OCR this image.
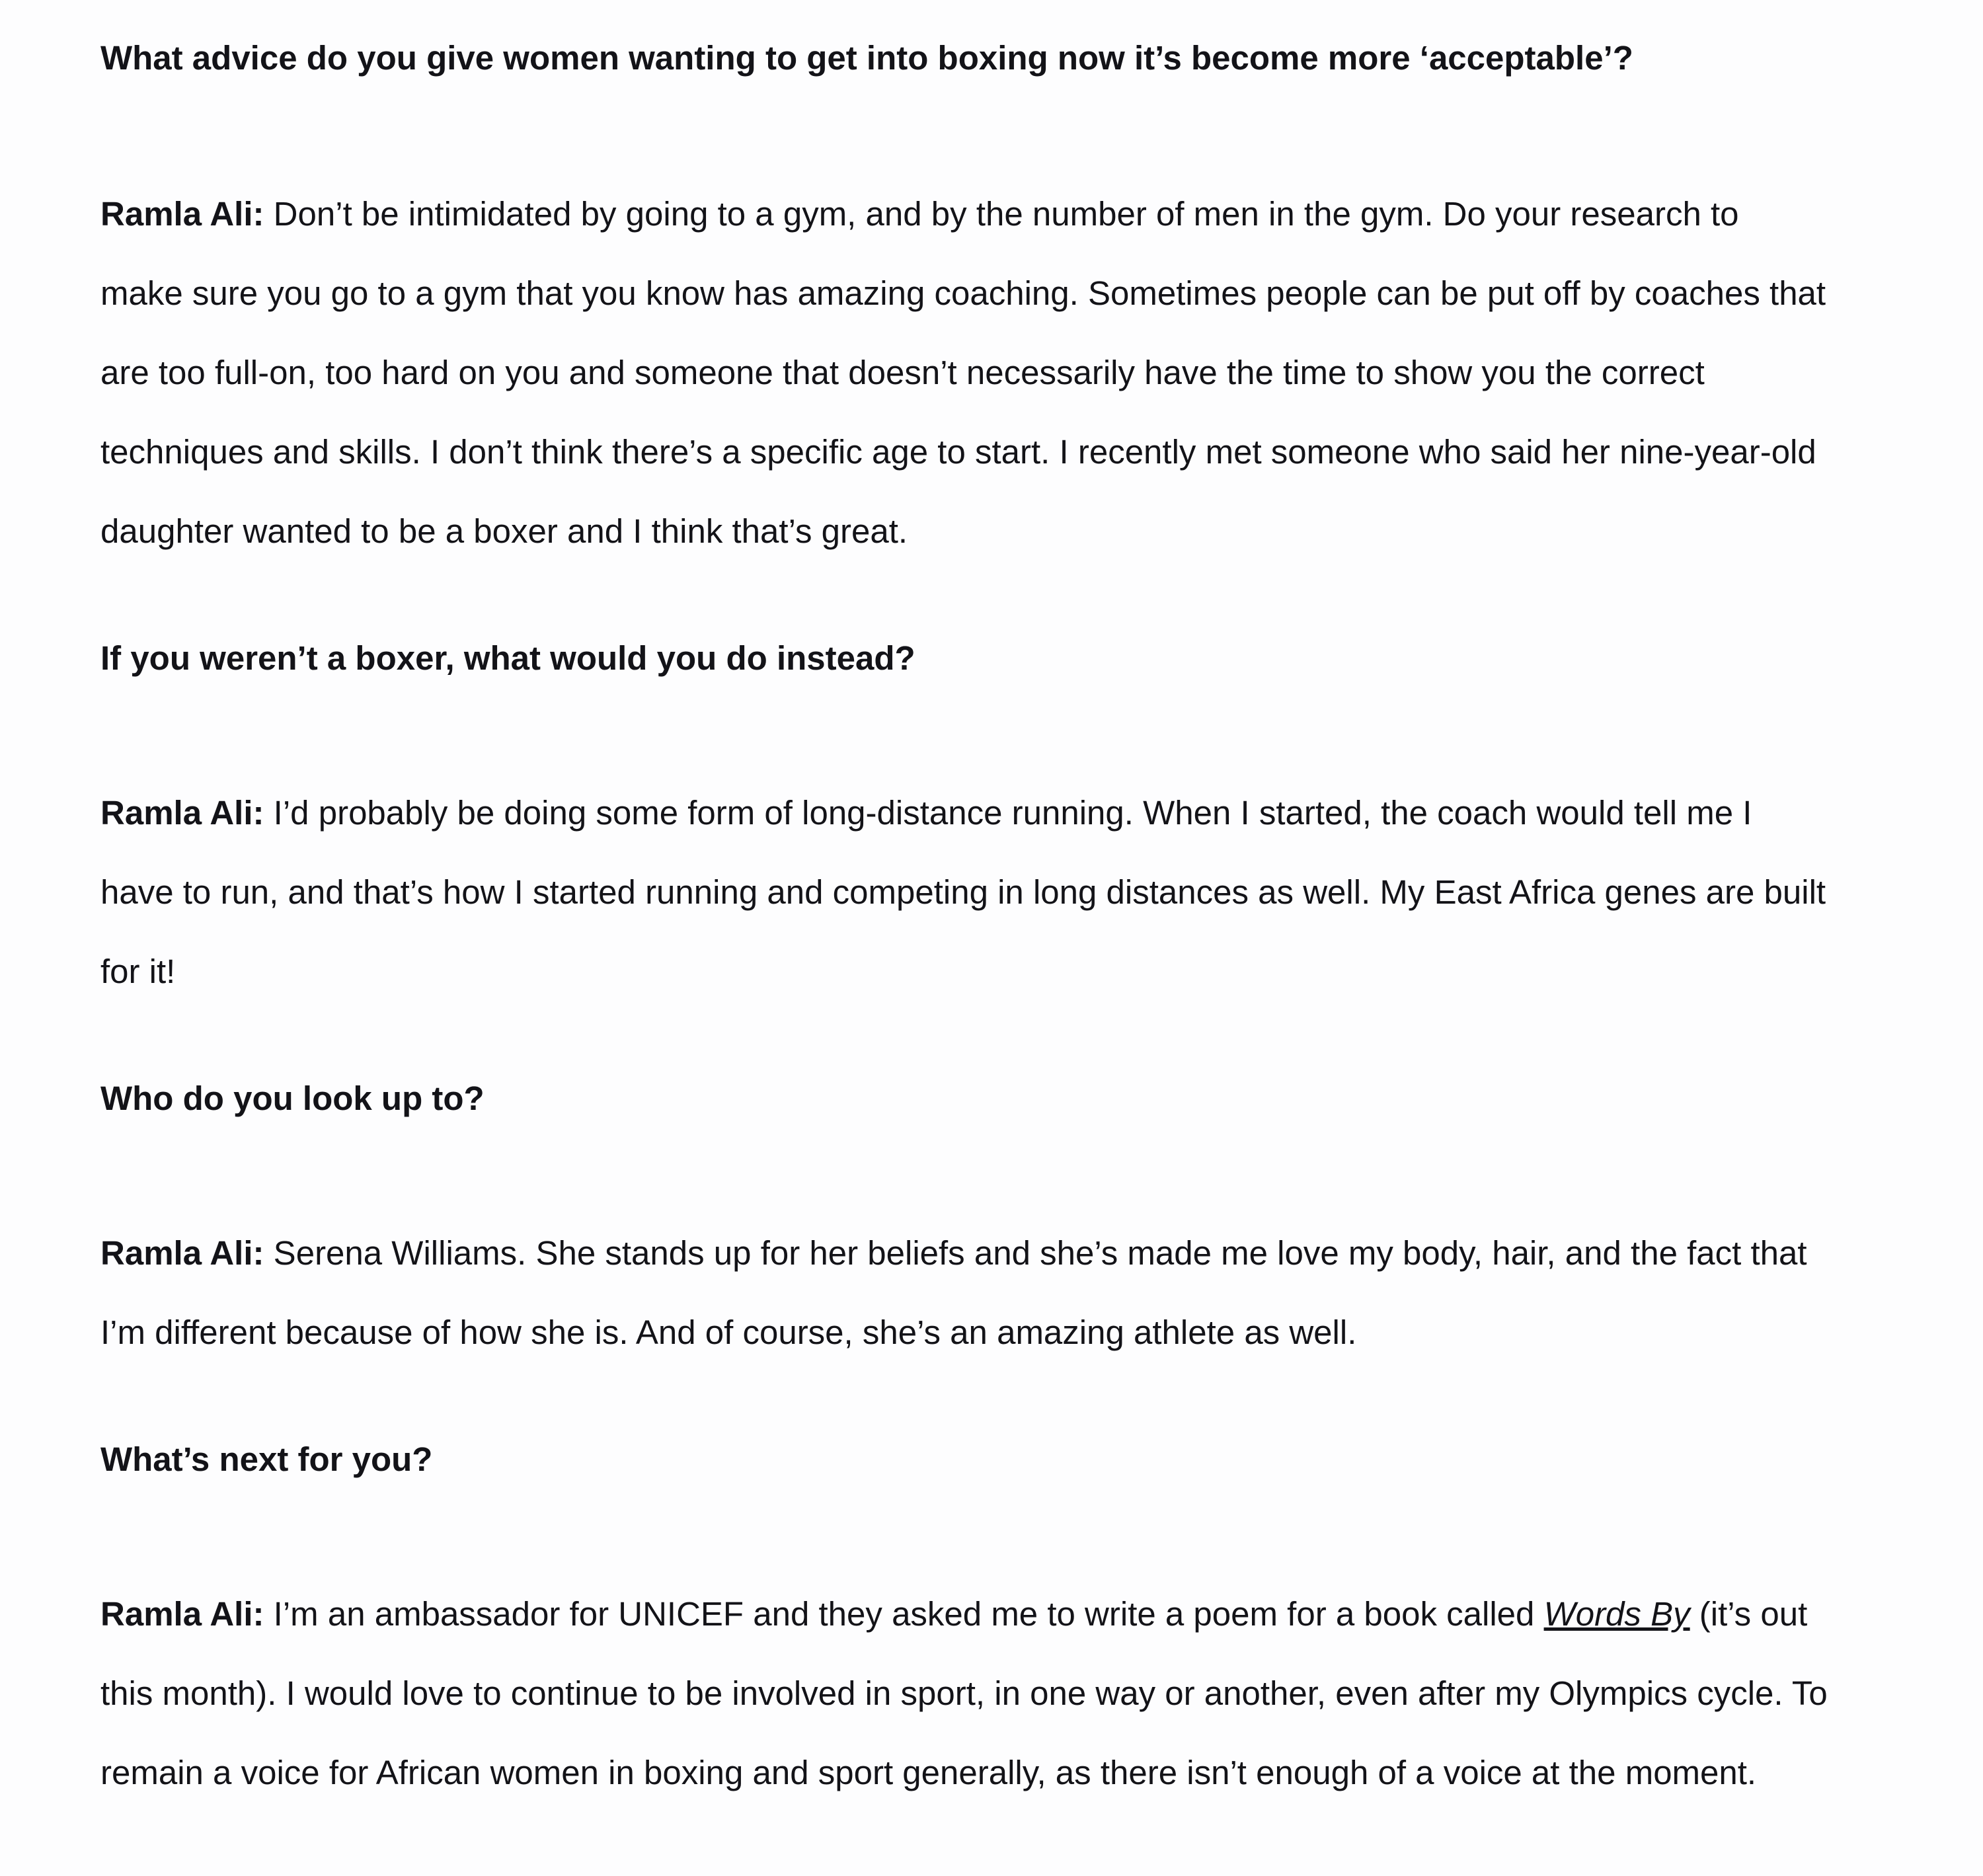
What advice do you give women wanting to get into boxing now it’s become more ‘acceptable’?

Ramla Ali: Don’t be intimidated by going to a gym, and by the number of men in the gym. Do your research to
make sure you go to a gym that you know has amazing coaching. Sometimes people can be put off by coaches that
are too full-on, too hard on you and someone that doesn’t necessarily have the time to show you the correct
techniques and skills. I don’t think there’s a specific age to start. I recently met someone who said her nine-year-old
daughter wanted to be a boxer and I think that’s great.

If you weren’t a boxer, what would you do instead?

Ramla Ali: I’d probably be doing some form of long-distance running. When I started, the coach would tell me I
have to run, and that’s how I started running and competing in long distances as well. My East Africa genes are built
for it!

Who do you look up to?

Ramla Ali: Serena Williams. She stands up for her beliefs and she’s made me love my body, hair, and the fact that
I’m different because of how she is. And of course, she’s an amazing athlete as well.

What’s next for you?

Ramla Ali: I’m an ambassador for UNICEF and they asked me to write a poem for a book called Words By (it’s out
this month). I would love to continue to be involved in sport, in one way or another, even after my Olympics cycle. To
remain a voice for African women in boxing and sport generally, as there isn’t enough of a voice at the moment.
